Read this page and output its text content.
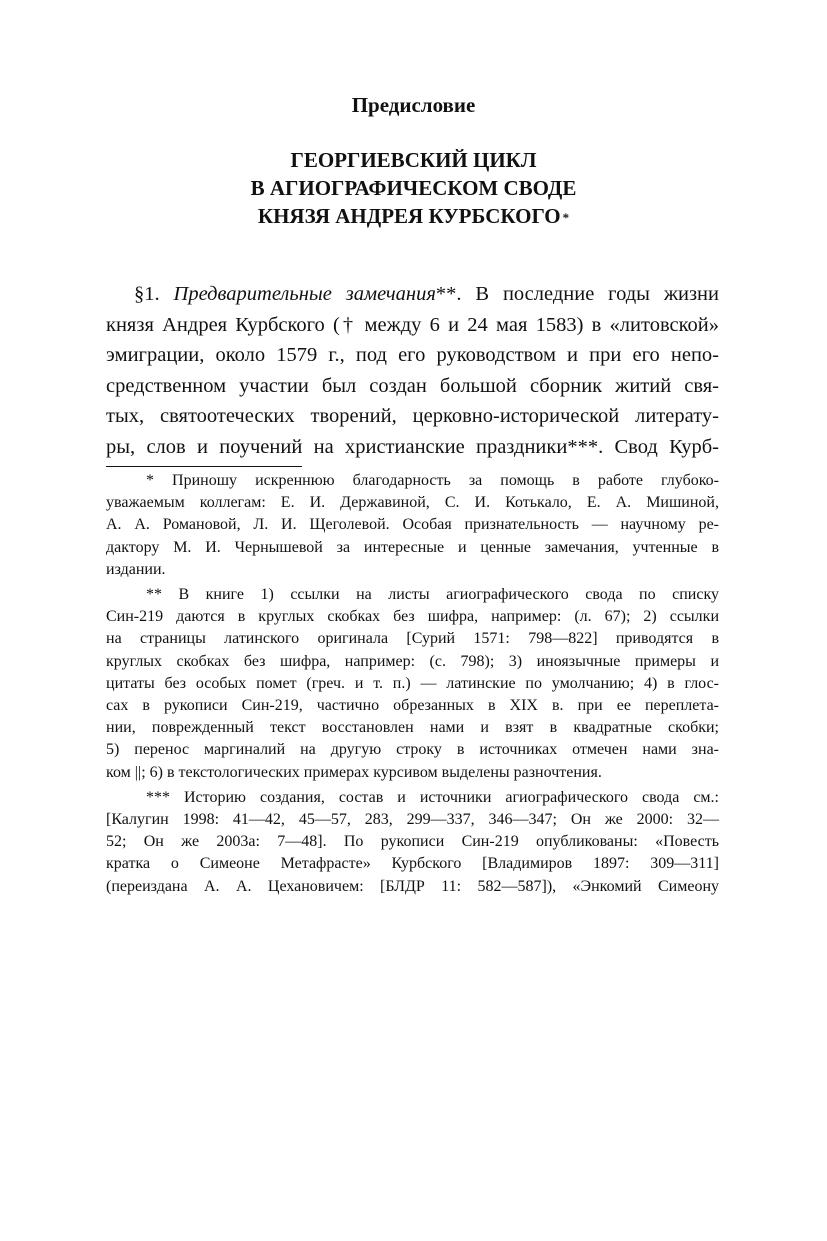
Предисловие
ГЕОРГИЕВСКИЙ ЦИКЛ
В АГИОГРАФИЧЕСКОМ СВОДЕ
КНЯЗЯ АНДРЕЯ КУРБСКОГО *
§1. Предварительные замечания**. В последние годы жизни
князя Андрея Курбского († между 6 и 24 мая 1583) в «литовской»
эмиграции, около 1579 г., под его руководством и при его непо-
средственном участии был создан большой сборник житий свя-
тых, святоотеческих творений, церковно-исторической литерату-
ры, слов и поучений на христианские праздники***. Свод Курб-
* Приношу искреннюю благодарность за помощь в работе глубоко-
уважаемым коллегам: Е. И. Державиной, С. И. Котькало, Е. А. Мишиной,
А. А. Романовой, Л. И. Щеголевой. Особая признательность — научному ре-
дактору М. И. Чернышевой за интересные и ценные замечания, учтенные в
издании.
** В книге 1) ссылки на листы агиографического свода по списку
Син-219 даются в круглых скобках без шифра, например: (л. 67); 2) ссылки
на страницы латинского оригинала [Сурий 1571: 798—822] приводятся в
круглых скобках без шифра, например: (с. 798); 3) иноязычные примеры и
цитаты без особых помет (греч. и т. п.) — латинские по умолчанию; 4) в глос-
сах в рукописи Син-219, частично обрезанных в XIX в. при ее переплета-
нии, поврежденный текст восстановлен нами и взят в квадратные скобки;
5) перенос маргиналий на другую строку в источниках отмечен нами зна-
ком ||; 6) в текстологических примерах курсивом выделены разночтения.
*** Историю создания, состав и источники агиографического свода см.:
[Калугин 1998: 41—42, 45—57, 283, 299—337, 346—347; Он же 2000: 32—
52; Он же 2003а: 7—48]. По рукописи Син-219 опубликованы: «Повесть
кратка о Симеоне Метафрасте» Курбского [Владимиров 1897: 309—311]
(переиздана А. А. Цехановичем: [БЛДР 11: 582—587]), «Энкомий Симеону
